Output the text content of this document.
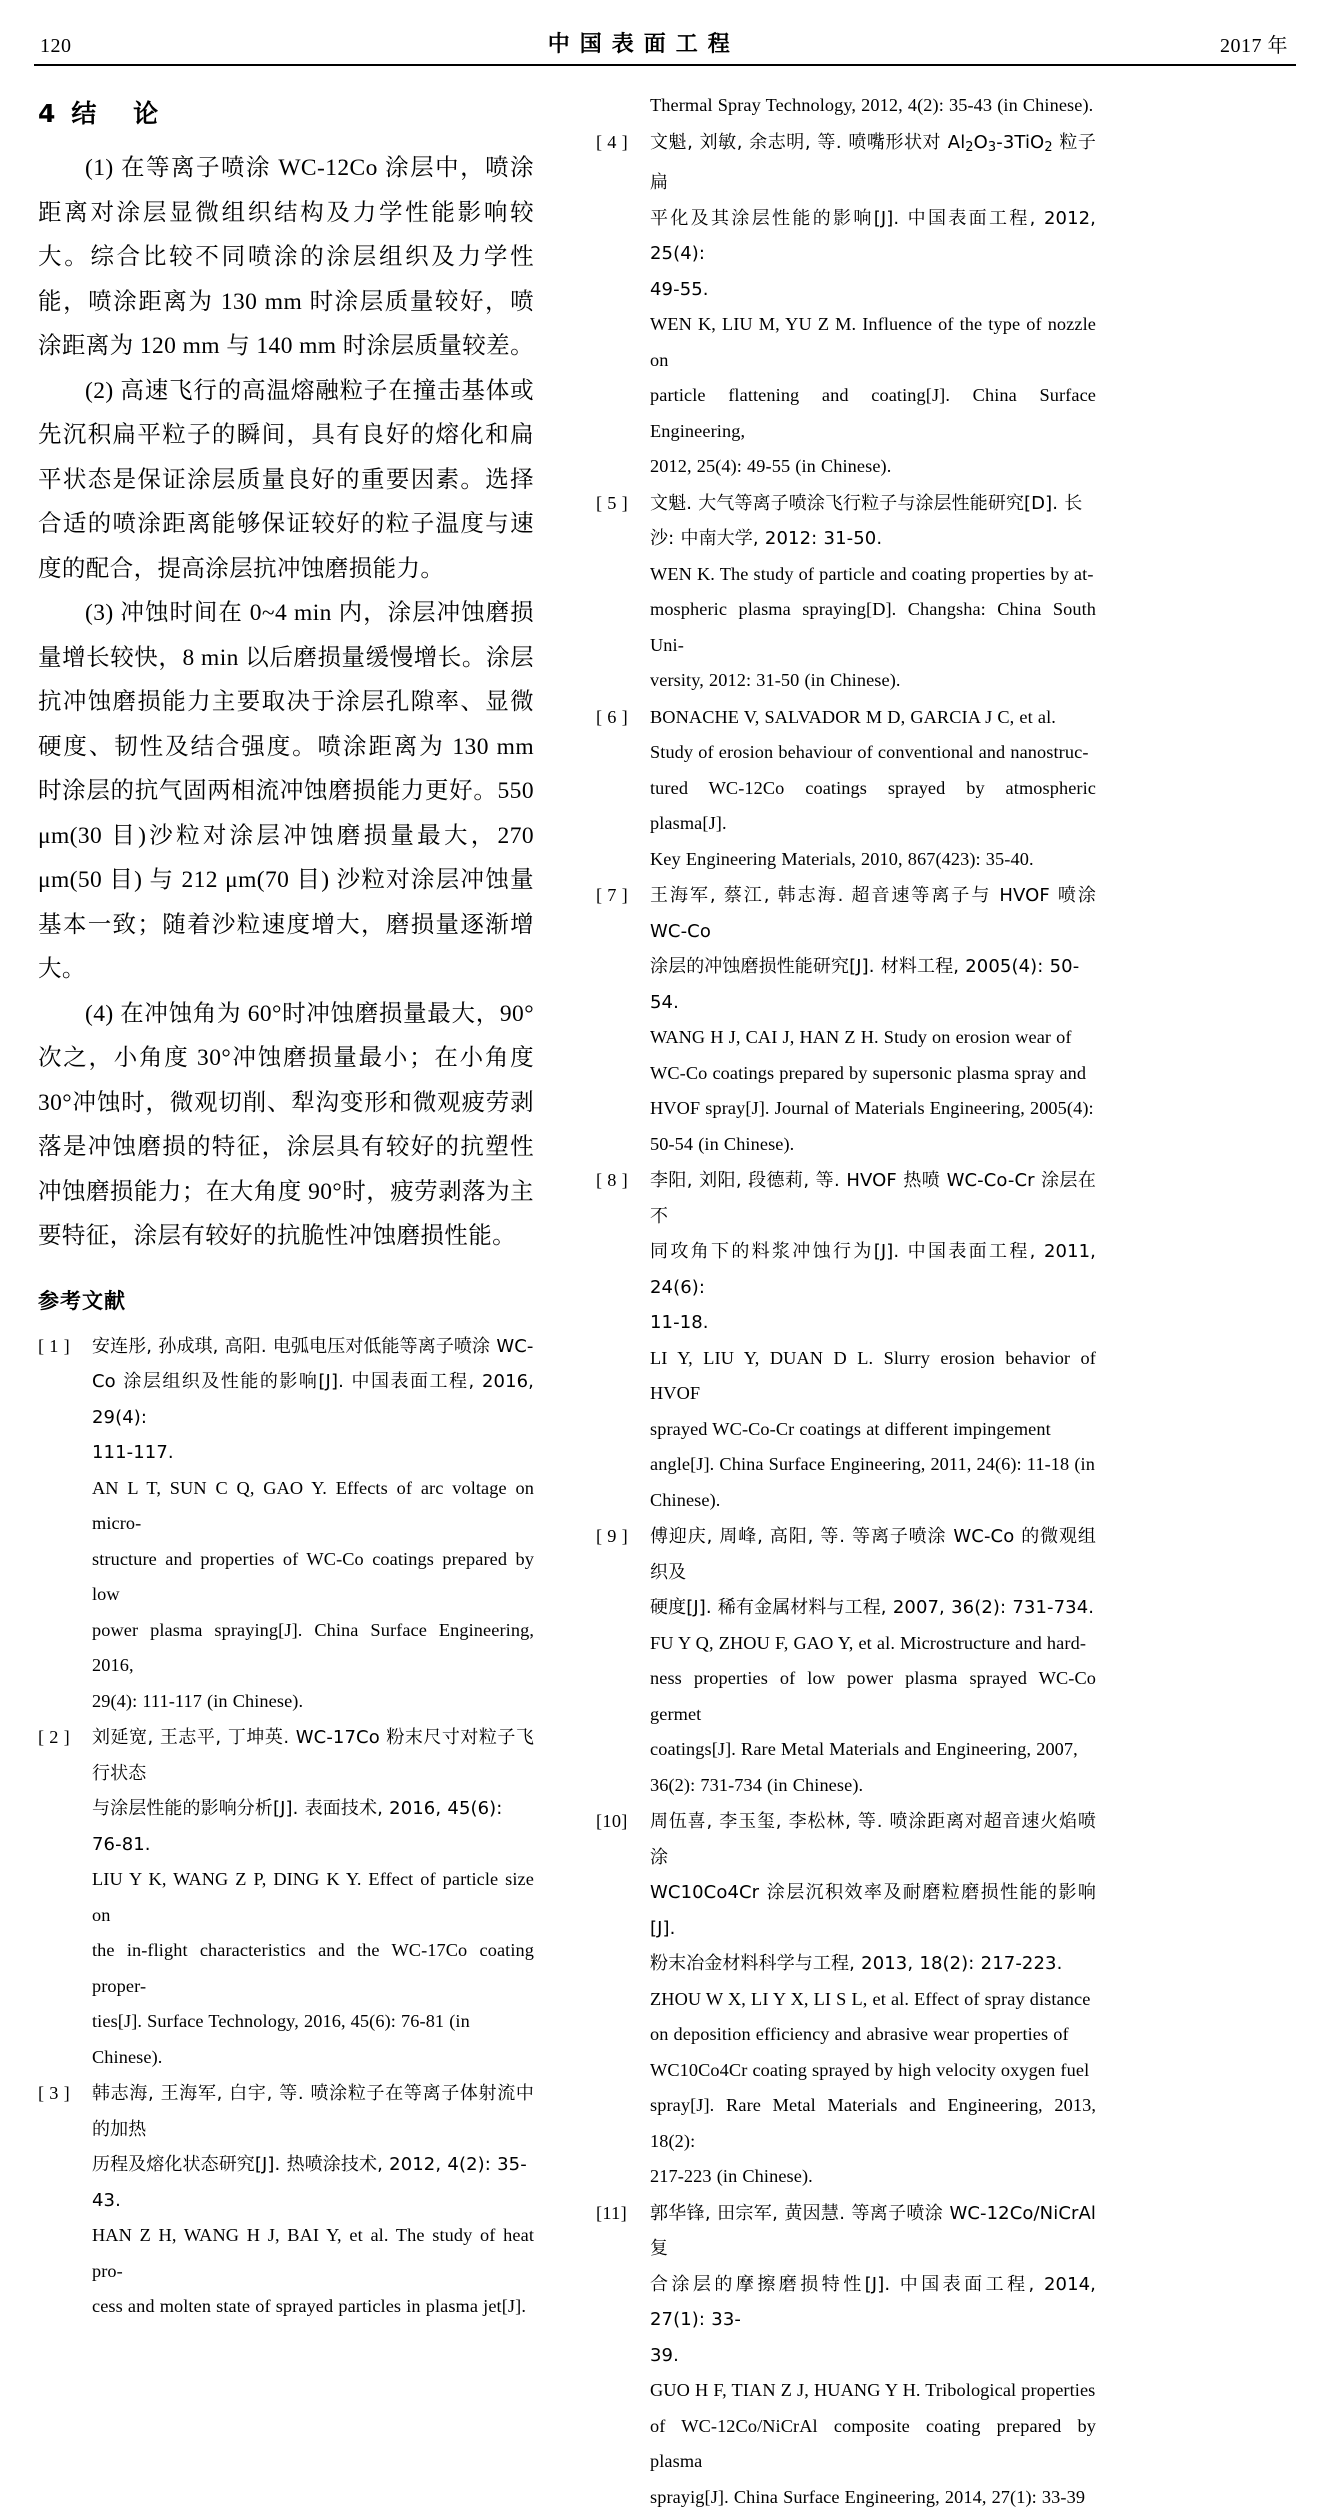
120	中国表面工程	2017 年
4 结 论

(1) 在等离子喷涂 WC-12Co 涂层中，喷涂距离对涂层显微组织结构及力学性能影响较大。综合比较不同喷涂的涂层组织及力学性能，喷涂距离为 130 mm 时涂层质量较好，喷涂距离为 120 mm 与 140 mm 时涂层质量较差。

(2) 高速飞行的高温熔融粒子在撞击基体或先沉积扁平粒子的瞬间，具有良好的熔化和扁平状态是保证涂层质量良好的重要因素。选择合适的喷涂距离能够保证较好的粒子温度与速度的配合，提高涂层抗冲蚀磨损能力。

(3) 冲蚀时间在 0~4 min 内，涂层冲蚀磨损量增长较快，8 min 以后磨损量缓慢增长。涂层抗冲蚀磨损能力主要取决于涂层孔隙率、显微硬度、韧性及结合强度。喷涂距离为 130 mm 时涂层的抗气固两相流冲蚀磨损能力更好。550 μm(30 目)沙粒对涂层冲蚀磨损量最大，270 μm(50 目) 与 212 μm(70 目) 沙粒对涂层冲蚀量基本一致；随着沙粒速度增大，磨损量逐渐增大。

(4) 在冲蚀角为 60°时冲蚀磨损量最大，90°次之，小角度 30°冲蚀磨损量最小；在小角度 30°冲蚀时，微观切削、犁沟变形和微观疲劳剥落是冲蚀磨损的特征，涂层具有较好的抗塑性冲蚀磨损能力；在大角度 90°时，疲劳剥落为主要特征，涂层有较好的抗脆性冲蚀磨损性能。

参考文献
[ 1 ]	安连彤, 孙成琪, 高阳. 电弧电压对低能等离子喷涂 WC-
Co 涂层组织及性能的影响[J]. 中国表面工程, 2016, 29(4):
111-117.
AN L T, SUN C Q, GAO Y. Effects of arc voltage on micro-
structure and properties of WC-Co coatings prepared by low
power plasma spraying[J]. China Surface Engineering, 2016,
29(4): 111-117 (in Chinese).
[ 2 ]	刘延宽, 王志平, 丁坤英. WC-17Co 粉末尺寸对粒子飞行状态
与涂层性能的影响分析[J]. 表面技术, 2016, 45(6): 76-81.
LIU Y K, WANG Z P, DING K Y. Effect of particle size on
the in-flight characteristics and the WC-17Co coating proper-
ties[J]. Surface Technology, 2016, 45(6): 76-81 (in Chinese).
[ 3 ]	韩志海, 王海军, 白宇, 等. 喷涂粒子在等离子体射流中的加热
历程及熔化状态研究[J]. 热喷涂技术, 2012, 4(2): 35-43.
HAN Z H, WANG H J, BAI Y, et al. The study of heat pro-
cess and molten state of sprayed particles in plasma jet[J].
Thermal Spray Technology, 2012, 4(2): 35-43 (in Chinese).
[ 4 ]	文魁, 刘敏, 余志明, 等. 喷嘴形状对 $Al_2O_3-3TiO_2$ 粒子扁
平化及其涂层性能的影响[J]. 中国表面工程, 2012, 25(4):
49-55.
WEN K, LIU M, YU Z M. Influence of the type of nozzle on
particle flattening and coating[J]. China Surface Engineering,
2012, 25(4): 49-55 (in Chinese).
[ 5 ]	文魁. 大气等离子喷涂飞行粒子与涂层性能研究[D]. 长
沙: 中南大学, 2012: 31-50.
WEN K. The study of particle and coating properties by at-
mospheric plasma spraying[D]. Changsha: China South Uni-
versity, 2012: 31-50 (in Chinese).
[ 6 ]	BONACHE V, SALVADOR M D, GARCIA J C, et al.
Study of erosion behaviour of conventional and nanostruc-
tured WC-12Co coatings sprayed by atmospheric plasma[J].
Key Engineering Materials, 2010, 867(423): 35-40.
[ 7 ]	王海军, 蔡江, 韩志海. 超音速等离子与 HVOF 喷涂 WC-Co
涂层的冲蚀磨损性能研究[J]. 材料工程, 2005(4): 50-54.
WANG H J, CAI J, HAN Z H. Study on erosion wear of
WC-Co coatings prepared by supersonic plasma spray and
HVOF spray[J]. Journal of Materials Engineering, 2005(4):
50-54 (in Chinese).
[ 8 ]	李阳, 刘阳, 段德莉, 等. HVOF 热喷 WC-Co-Cr 涂层在不
同攻角下的料浆冲蚀行为[J]. 中国表面工程, 2011, 24(6):
11-18.
LI Y, LIU Y, DUAN D L. Slurry erosion behavior of HVOF
sprayed WC-Co-Cr coatings at different impingement
angle[J]. China Surface Engineering, 2011, 24(6): 11-18 (in
Chinese).
[ 9 ]	傅迎庆, 周峰, 高阳, 等. 等离子喷涂 WC-Co 的微观组织及
硬度[J]. 稀有金属材料与工程, 2007, 36(2): 731-734.
FU Y Q, ZHOU F, GAO Y, et al. Microstructure and hard-
ness properties of low power plasma sprayed WC-Co germet
coatings[J]. Rare Metal Materials and Engineering, 2007,
36(2): 731-734 (in Chinese).
[10]	周伍喜, 李玉玺, 李松林, 等. 喷涂距离对超音速火焰喷涂
WC10Co4Cr 涂层沉积效率及耐磨粒磨损性能的影响[J].
粉末冶金材料科学与工程, 2013, 18(2): 217-223.
ZHOU W X, LI Y X, LI S L, et al. Effect of spray distance
on deposition efficiency and abrasive wear properties of
WC10Co4Cr coating sprayed by high velocity oxygen fuel
spray[J]. Rare Metal Materials and Engineering, 2013, 18(2):
217-223 (in Chinese).
[11]	郭华锋, 田宗军, 黄因慧. 等离子喷涂 WC-12Co/NiCrAl 复
合涂层的摩擦磨损特性[J]. 中国表面工程, 2014, 27(1): 33-
39.
GUO H F, TIAN Z J, HUANG Y H. Tribological properties
of WC-12Co/NiCrAl composite coating prepared by plasma
sprayig[J]. China Surface Engineering, 2014, 27(1): 33-39
